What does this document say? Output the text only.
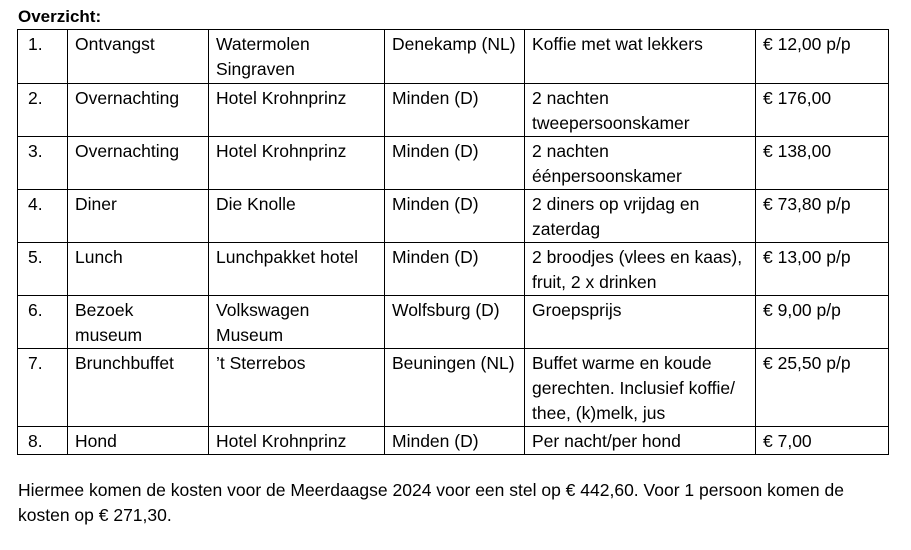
Overzicht:
1.	Ontvangst	Watermolen Singraven	Denekamp (NL)	Koffie met wat lekkers	€ 12,00 p/p
2.	Overnachting	Hotel Krohnprinz	Minden (D)	2 nachten tweepersoonskamer	€ 176,00
3.	Overnachting	Hotel Krohnprinz	Minden (D)	2 nachten éénpersoonskamer	€ 138,00
4.	Diner	Die Knolle	Minden (D)	2 diners op vrijdag en zaterdag	€ 73,80 p/p
5.	Lunch	Lunchpakket hotel	Minden (D)	2 broodjes (vlees en kaas), fruit, 2 x drinken	€ 13,00 p/p
6.	Bezoek museum	Volkswagen Museum	Wolfsburg (D)	Groepsprijs	€ 9,00 p/p
7.	Brunchbuffet	’t Sterrebos	Beuningen (NL)	Buffet warme en koude gerechten. Inclusief koffie/ thee, (k)melk, jus	€ 25,50 p/p
8.	Hond	Hotel Krohnprinz	Minden (D)	Per nacht/per hond	€ 7,00
Hiermee komen de kosten voor de Meerdaagse 2024 voor een stel op € 442,60. Voor 1 persoon komen de kosten op € 271,30.
